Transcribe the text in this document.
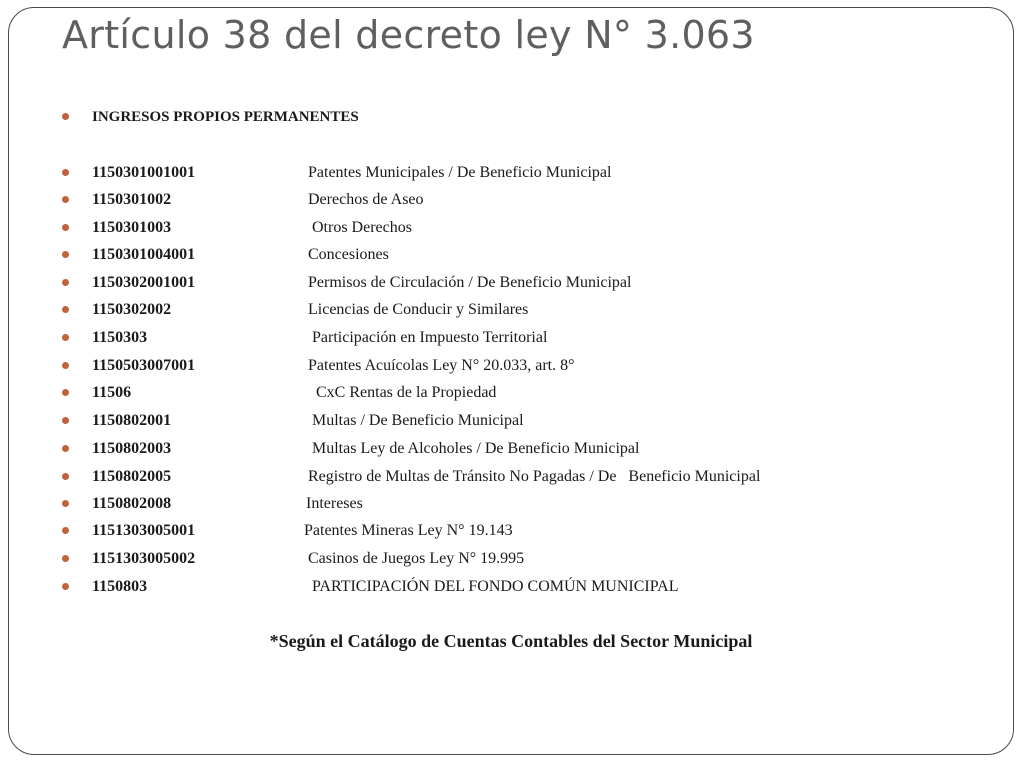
Artículo 38 del decreto ley N° 3.063
INGRESOS PROPIOS PERMANENTES
1150301001001	Patentes Municipales / De Beneficio Municipal
1150301002	Derechos de Aseo
1150301003	Otros Derechos
1150301004001	Concesiones
1150302001001	Permisos de Circulación / De Beneficio Municipal
1150302002	Licencias de Conducir y Similares
1150303	Participación en Impuesto Territorial
1150503007001	Patentes Acuícolas Ley N° 20.033, art. 8°
11506	CxC Rentas de la Propiedad
1150802001	Multas / De Beneficio Municipal
1150802003	Multas Ley de Alcoholes / De Beneficio Municipal
1150802005	Registro de Multas de Tránsito No Pagadas / De   Beneficio Municipal
1150802008	Intereses
1151303005001	Patentes Mineras Ley N° 19.143
1151303005002	Casinos de Juegos Ley N° 19.995
1150803	PARTICIPACIÓN DEL FONDO COMÚN MUNICIPAL
*Según el Catálogo de Cuentas Contables del Sector Municipal
